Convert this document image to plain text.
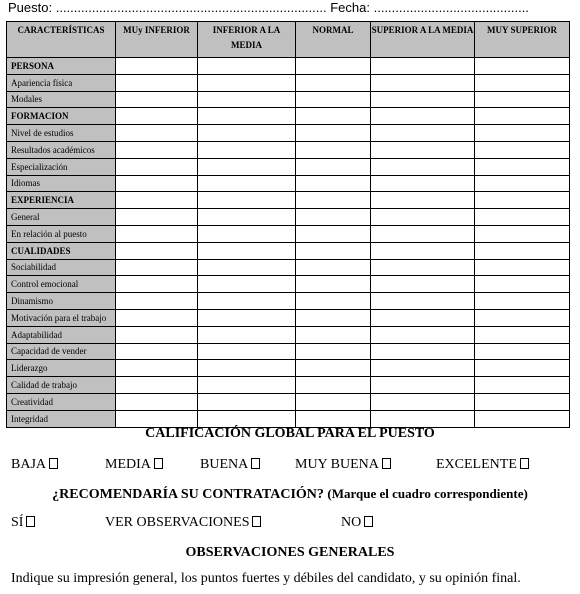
Puesto: ........................................................................... Fecha: ...........................................
CARACTERÍSTICAS	MUy INFERIOR	INFERIOR A LA MEDIA	NORMAL	SUPERIOR A LA MEDIA	MUY SUPERIOR
PERSONA					
Apariencia física					
Modales					
FORMACION					
Nivel de estudios					
Resultados académicos					
Especialización					
Idiomas					
EXPERIENCIA					
General					
En relación al puesto					
CUALIDADES					
Sociabilidad					
Control emocional					
Dinamismo					
Motivación para el trabajo					
Adaptabilidad					
Capacidad de vender					
Liderazgo					
Calidad de trabajo					
Creatividad					
Integridad					
CALIFICACIÓN GLOBAL PARA EL PUESTO
BAJA	MEDIA	BUENA	MUY BUENA	EXCELENTE
¿RECOMENDARÍA SU CONTRATACIÓN? (Marque el cuadro correspondiente)
SÍ	VER OBSERVACIONES	NO
OBSERVACIONES GENERALES
Indique su impresión general, los puntos fuertes y débiles del candidato, y su opinión final.
